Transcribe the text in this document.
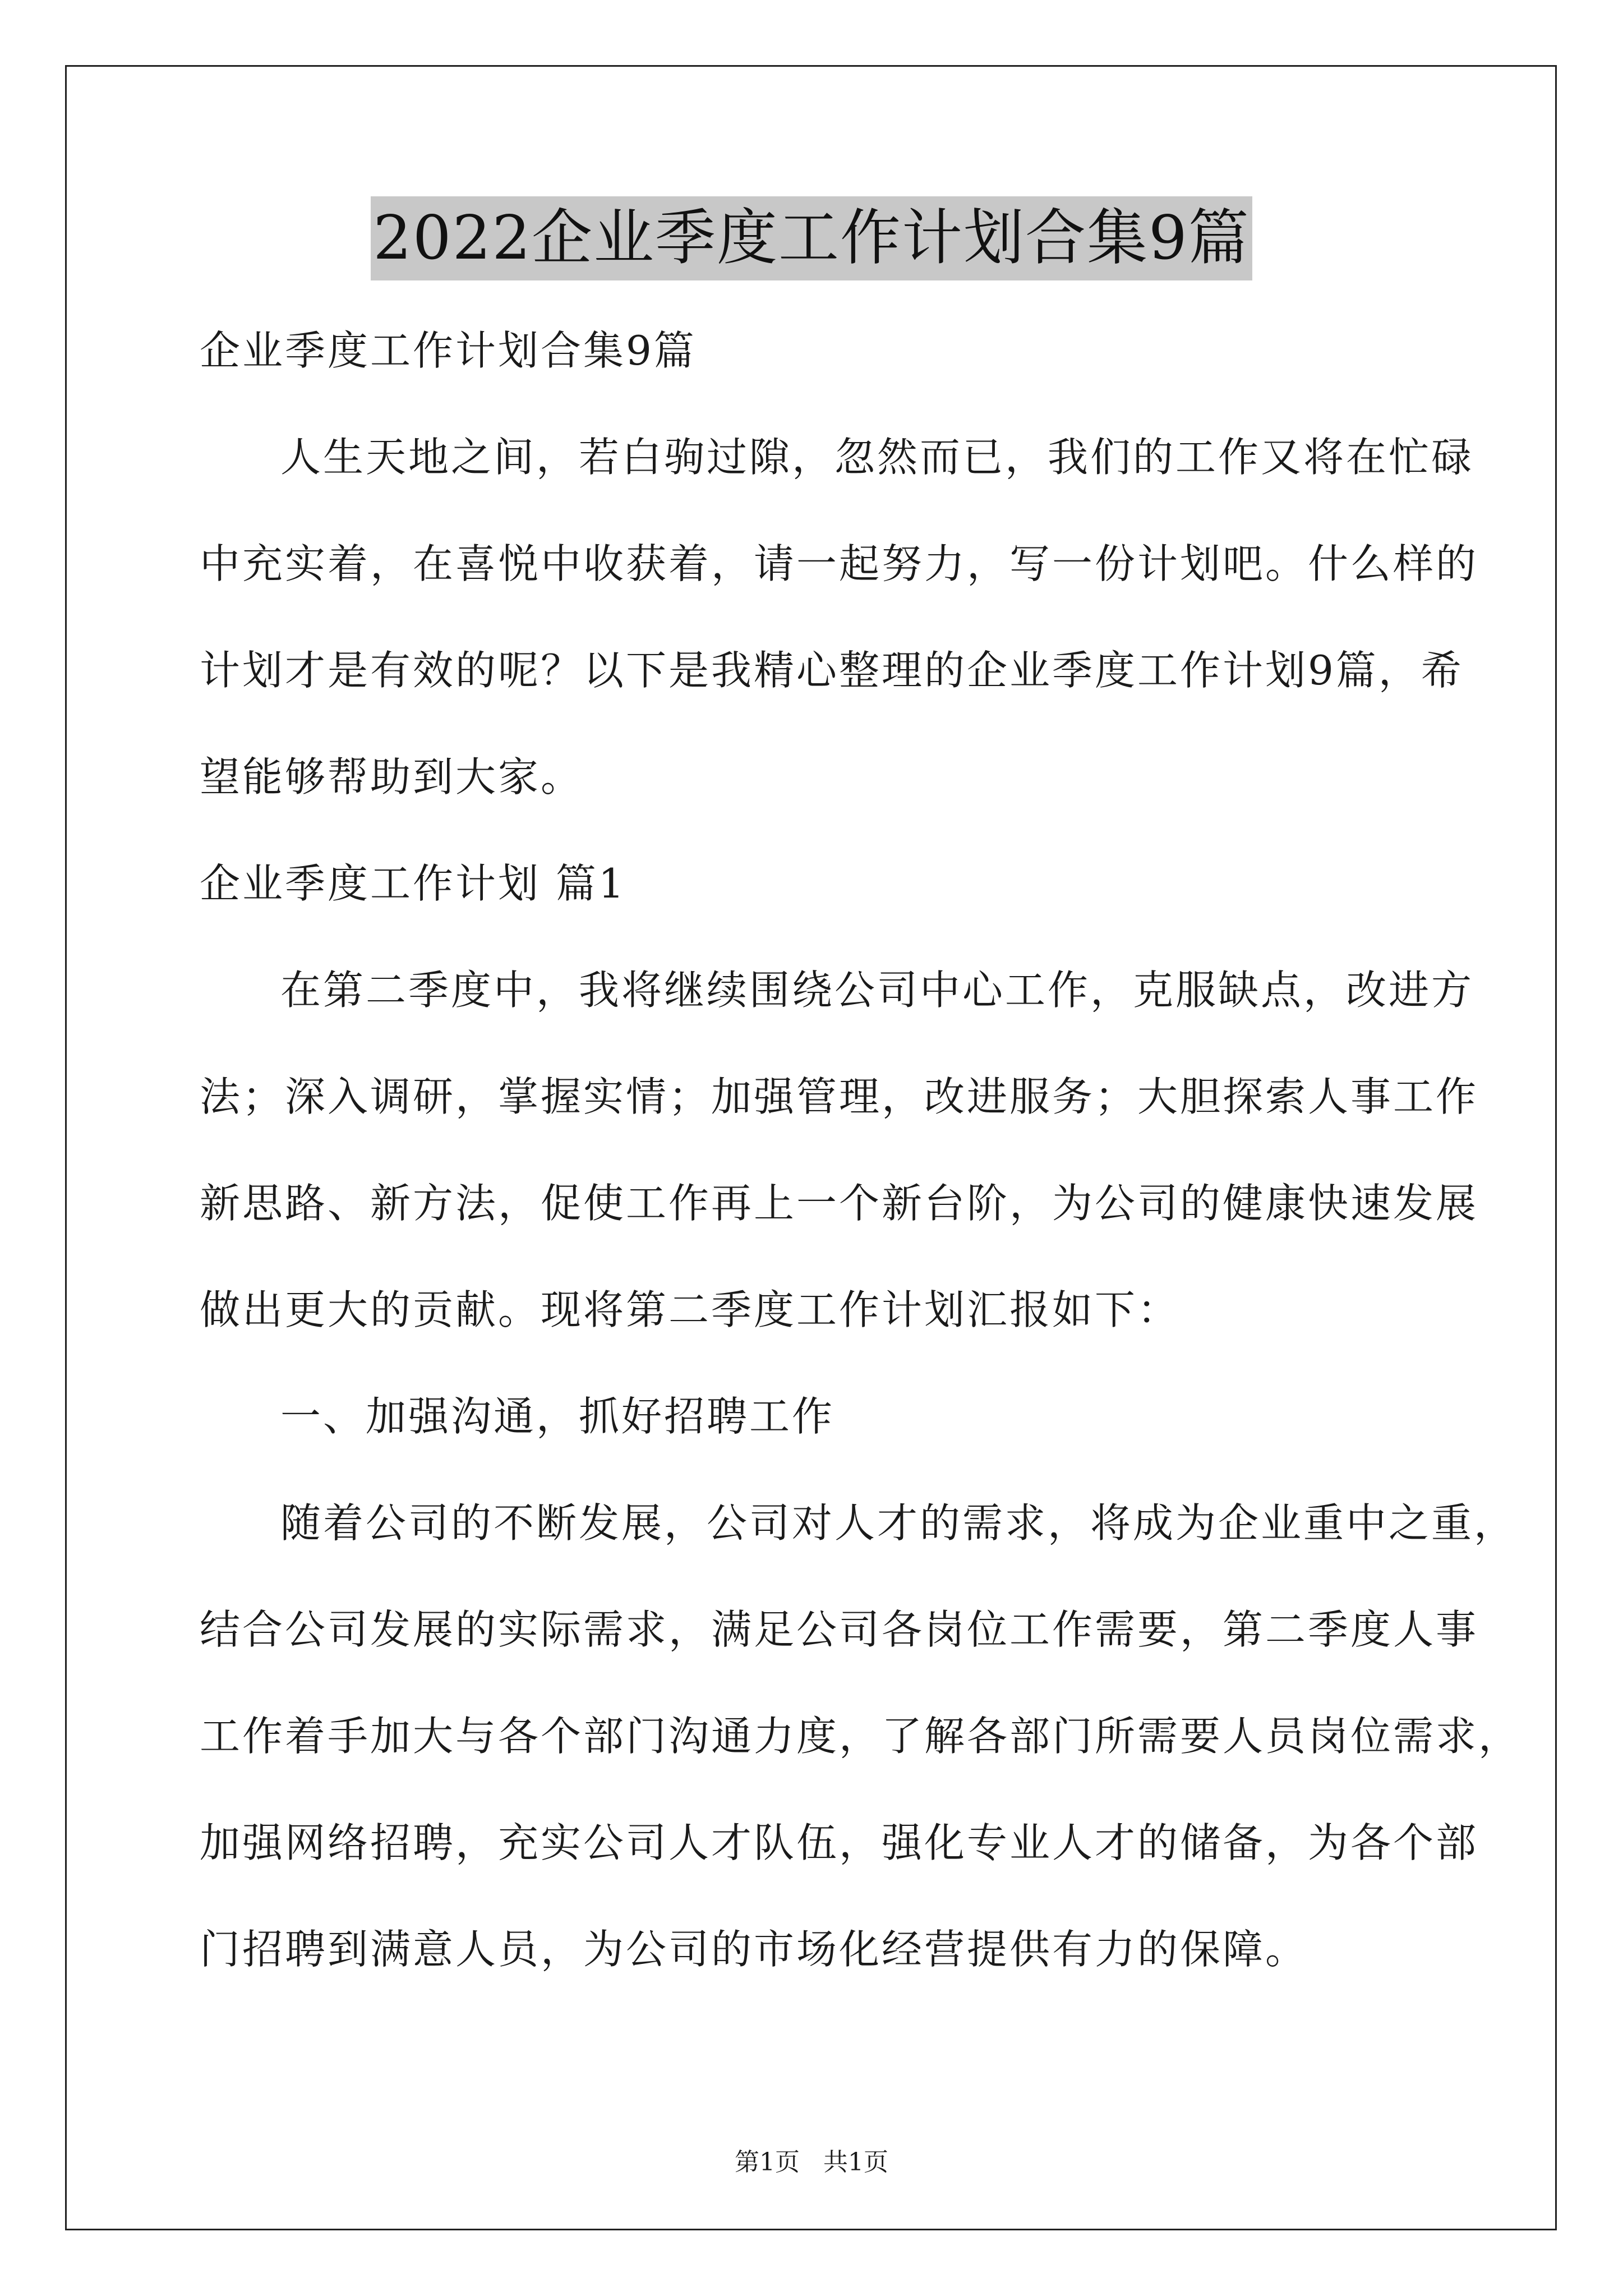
2022企业季度工作计划合集9篇
企业季度工作计划合集9篇
人生天地之间，若白驹过隙，忽然而已，我们的工作又将在忙碌
中充实着，在喜悦中收获着，请一起努力，写一份计划吧。什么样的
计划才是有效的呢？以下是我精心整理的企业季度工作计划9篇，希
望能够帮助到大家。
企业季度工作计划 篇1
在第二季度中，我将继续围绕公司中心工作，克服缺点，改进方
法；深入调研，掌握实情；加强管理，改进服务；大胆探索人事工作
新思路、新方法，促使工作再上一个新台阶，为公司的健康快速发展
做出更大的贡献。现将第二季度工作计划汇报如下：
一、加强沟通，抓好招聘工作
随着公司的不断发展，公司对人才的需求，将成为企业重中之重，
结合公司发展的实际需求，满足公司各岗位工作需要，第二季度人事
工作着手加大与各个部门沟通力度，了解各部门所需要人员岗位需求，
加强网络招聘，充实公司人才队伍，强化专业人才的储备，为各个部
门招聘到满意人员，为公司的市场化经营提供有力的保障。
第1页   共1页
